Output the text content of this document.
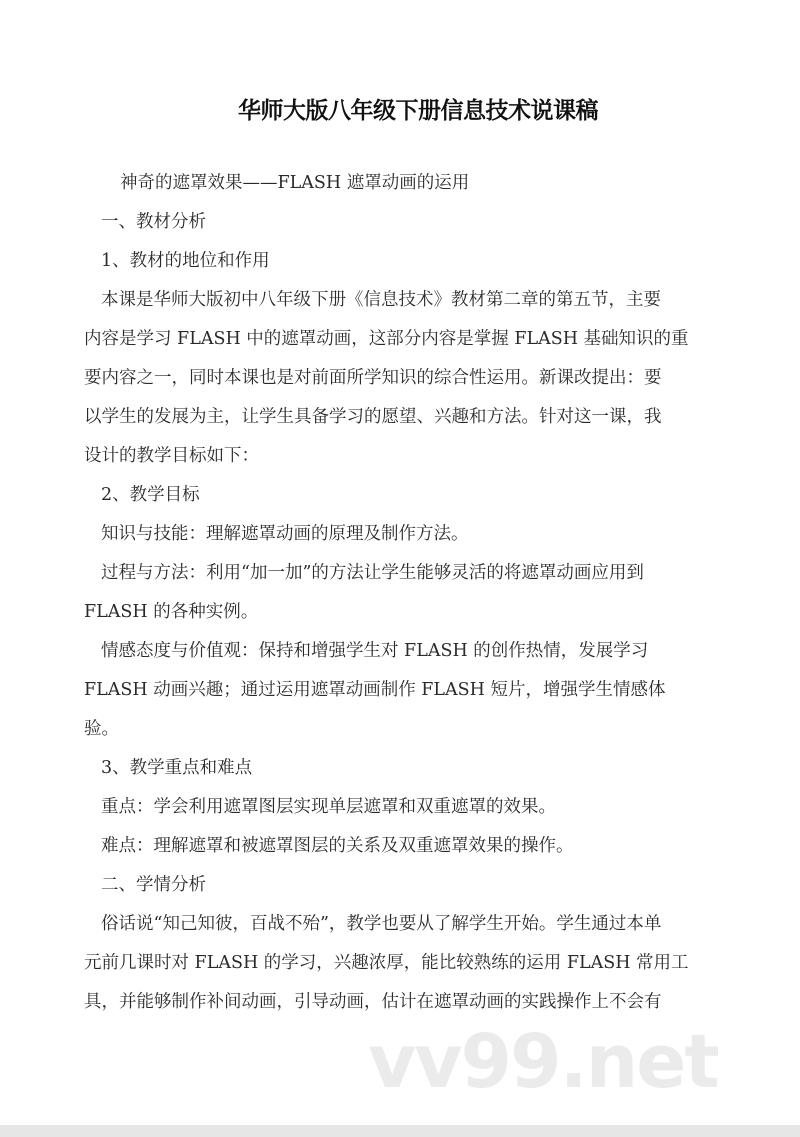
华师大版八年级下册信息技术说课稿
神奇的遮罩效果——FLASH 遮罩动画的运用
一、教材分析
1、教材的地位和作用
本课是华师大版初中八年级下册《信息技术》教材第二章的第五节，主要
内容是学习 FLASH 中的遮罩动画，这部分内容是掌握 FLASH 基础知识的重
要内容之一，同时本课也是对前面所学知识的综合性运用。新课改提出：要
以学生的发展为主，让学生具备学习的愿望、兴趣和方法。针对这一课，我
设计的教学目标如下：
2、教学目标
知识与技能：理解遮罩动画的原理及制作方法。
过程与方法：利用“加一加”的方法让学生能够灵活的将遮罩动画应用到
FLASH 的各种实例。
情感态度与价值观：保持和增强学生对 FLASH 的创作热情，发展学习
FLASH 动画兴趣；通过运用遮罩动画制作 FLASH 短片，增强学生情感体
验。
3、教学重点和难点
重点：学会利用遮罩图层实现单层遮罩和双重遮罩的效果。
难点：理解遮罩和被遮罩图层的关系及双重遮罩效果的操作。
二、学情分析
俗话说“知己知彼，百战不殆”，教学也要从了解学生开始。学生通过本单
元前几课时对 FLASH 的学习，兴趣浓厚，能比较熟练的运用 FLASH 常用工
具，并能够制作补间动画，引导动画，估计在遮罩动画的实践操作上不会有
vv99.net
